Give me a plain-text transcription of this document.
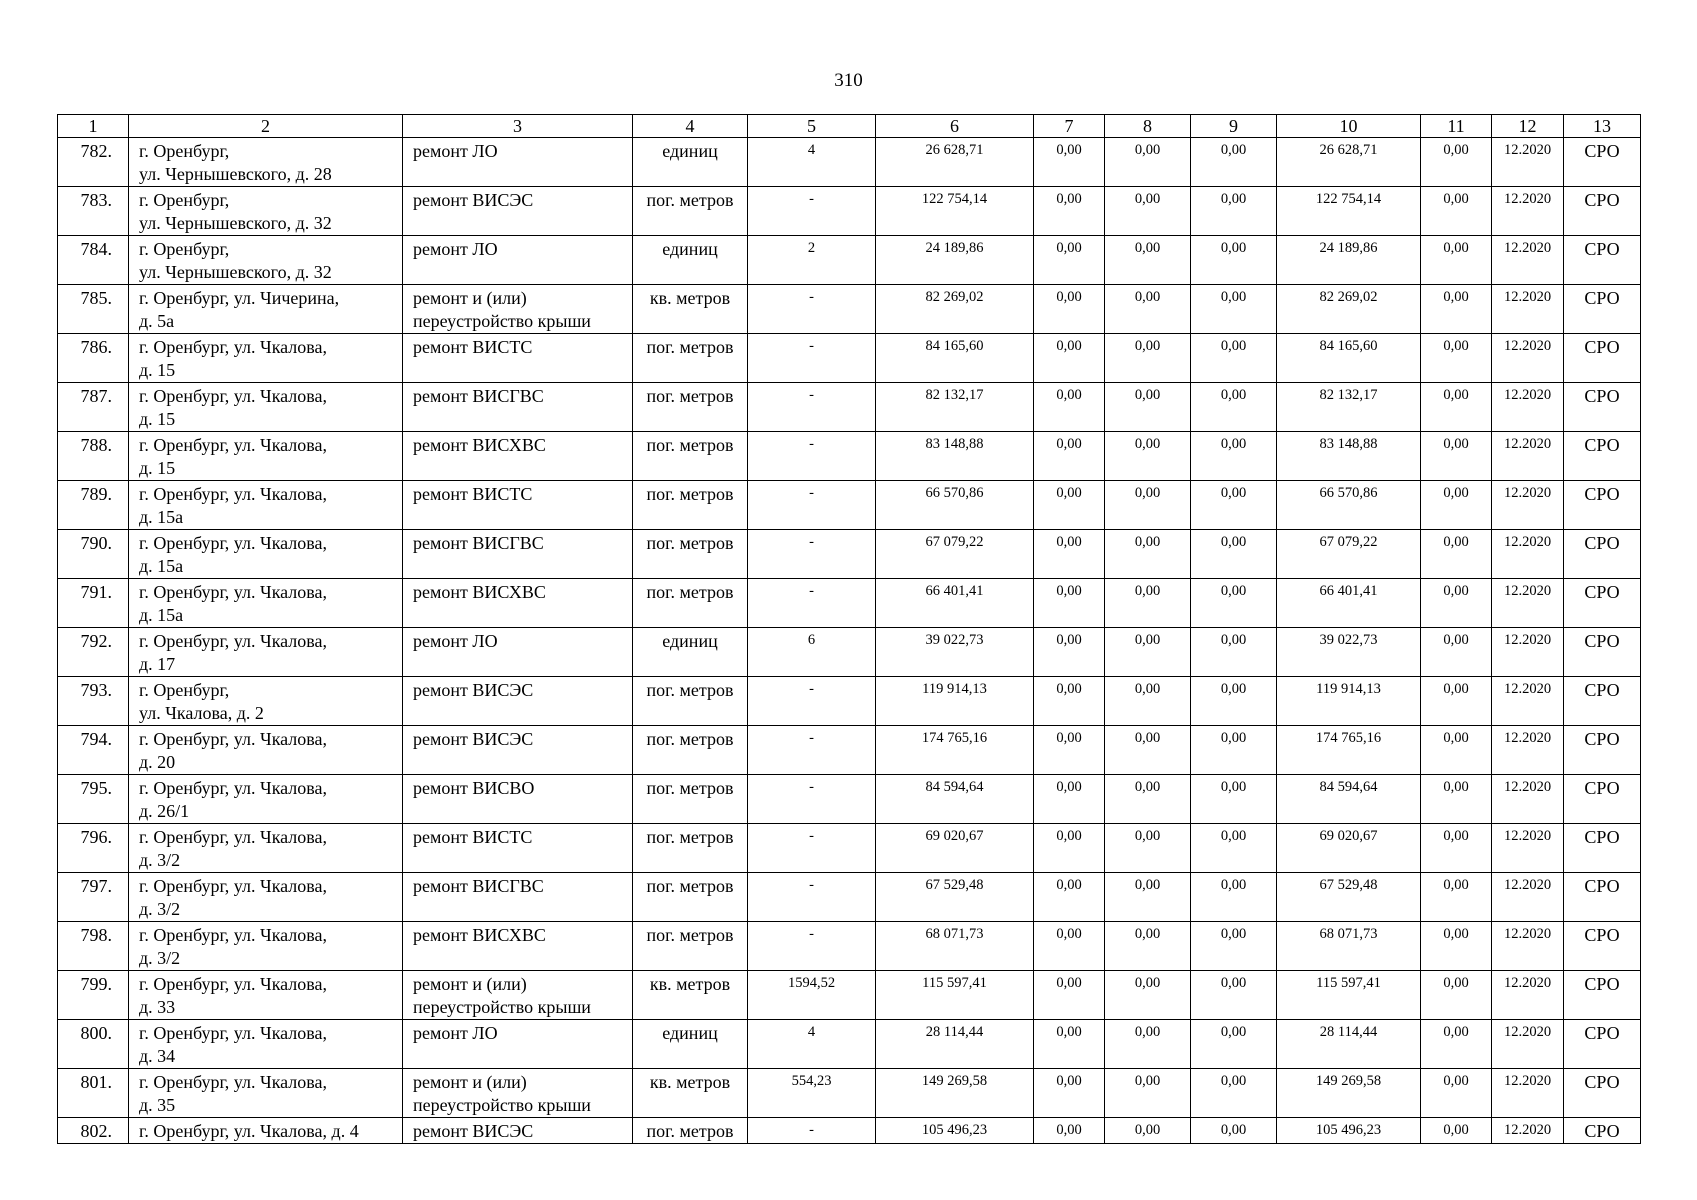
310
1	2	3	4	5	6	7	8	9	10	11	12	13
782.	г. Оренбург,
ул. Чернышевского, д. 28	ремонт ЛО	единиц	4	26 628,71	0,00	0,00	0,00	26 628,71	0,00	12.2020	СРО
783.	г. Оренбург,
ул. Чернышевского, д. 32	ремонт ВИСЭС	пог. метров	-	122 754,14	0,00	0,00	0,00	122 754,14	0,00	12.2020	СРО
784.	г. Оренбург,
ул. Чернышевского, д. 32	ремонт ЛО	единиц	2	24 189,86	0,00	0,00	0,00	24 189,86	0,00	12.2020	СРО
785.	г. Оренбург, ул. Чичерина,
д. 5а	ремонт и (или)
переустройство крыши	кв. метров	-	82 269,02	0,00	0,00	0,00	82 269,02	0,00	12.2020	СРО
786.	г. Оренбург, ул. Чкалова,
д. 15	ремонт ВИСТС	пог. метров	-	84 165,60	0,00	0,00	0,00	84 165,60	0,00	12.2020	СРО
787.	г. Оренбург, ул. Чкалова,
д. 15	ремонт ВИСГВС	пог. метров	-	82 132,17	0,00	0,00	0,00	82 132,17	0,00	12.2020	СРО
788.	г. Оренбург, ул. Чкалова,
д. 15	ремонт ВИСХВС	пог. метров	-	83 148,88	0,00	0,00	0,00	83 148,88	0,00	12.2020	СРО
789.	г. Оренбург, ул. Чкалова,
д. 15а	ремонт ВИСТС	пог. метров	-	66 570,86	0,00	0,00	0,00	66 570,86	0,00	12.2020	СРО
790.	г. Оренбург, ул. Чкалова,
д. 15а	ремонт ВИСГВС	пог. метров	-	67 079,22	0,00	0,00	0,00	67 079,22	0,00	12.2020	СРО
791.	г. Оренбург, ул. Чкалова,
д. 15а	ремонт ВИСХВС	пог. метров	-	66 401,41	0,00	0,00	0,00	66 401,41	0,00	12.2020	СРО
792.	г. Оренбург, ул. Чкалова,
д. 17	ремонт ЛО	единиц	6	39 022,73	0,00	0,00	0,00	39 022,73	0,00	12.2020	СРО
793.	г. Оренбург,
ул. Чкалова, д. 2	ремонт ВИСЭС	пог. метров	-	119 914,13	0,00	0,00	0,00	119 914,13	0,00	12.2020	СРО
794.	г. Оренбург, ул. Чкалова,
д. 20	ремонт ВИСЭС	пог. метров	-	174 765,16	0,00	0,00	0,00	174 765,16	0,00	12.2020	СРО
795.	г. Оренбург, ул. Чкалова,
д. 26/1	ремонт ВИСВО	пог. метров	-	84 594,64	0,00	0,00	0,00	84 594,64	0,00	12.2020	СРО
796.	г. Оренбург, ул. Чкалова,
д. 3/2	ремонт ВИСТС	пог. метров	-	69 020,67	0,00	0,00	0,00	69 020,67	0,00	12.2020	СРО
797.	г. Оренбург, ул. Чкалова,
д. 3/2	ремонт ВИСГВС	пог. метров	-	67 529,48	0,00	0,00	0,00	67 529,48	0,00	12.2020	СРО
798.	г. Оренбург, ул. Чкалова,
д. 3/2	ремонт ВИСХВС	пог. метров	-	68 071,73	0,00	0,00	0,00	68 071,73	0,00	12.2020	СРО
799.	г. Оренбург, ул. Чкалова,
д. 33	ремонт и (или)
переустройство крыши	кв. метров	1594,52	115 597,41	0,00	0,00	0,00	115 597,41	0,00	12.2020	СРО
800.	г. Оренбург, ул. Чкалова,
д. 34	ремонт ЛО	единиц	4	28 114,44	0,00	0,00	0,00	28 114,44	0,00	12.2020	СРО
801.	г. Оренбург, ул. Чкалова,
д. 35	ремонт и (или)
переустройство крыши	кв. метров	554,23	149 269,58	0,00	0,00	0,00	149 269,58	0,00	12.2020	СРО
802.	г. Оренбург, ул. Чкалова, д. 4	ремонт ВИСЭС	пог. метров	-	105 496,23	0,00	0,00	0,00	105 496,23	0,00	12.2020	СРО
